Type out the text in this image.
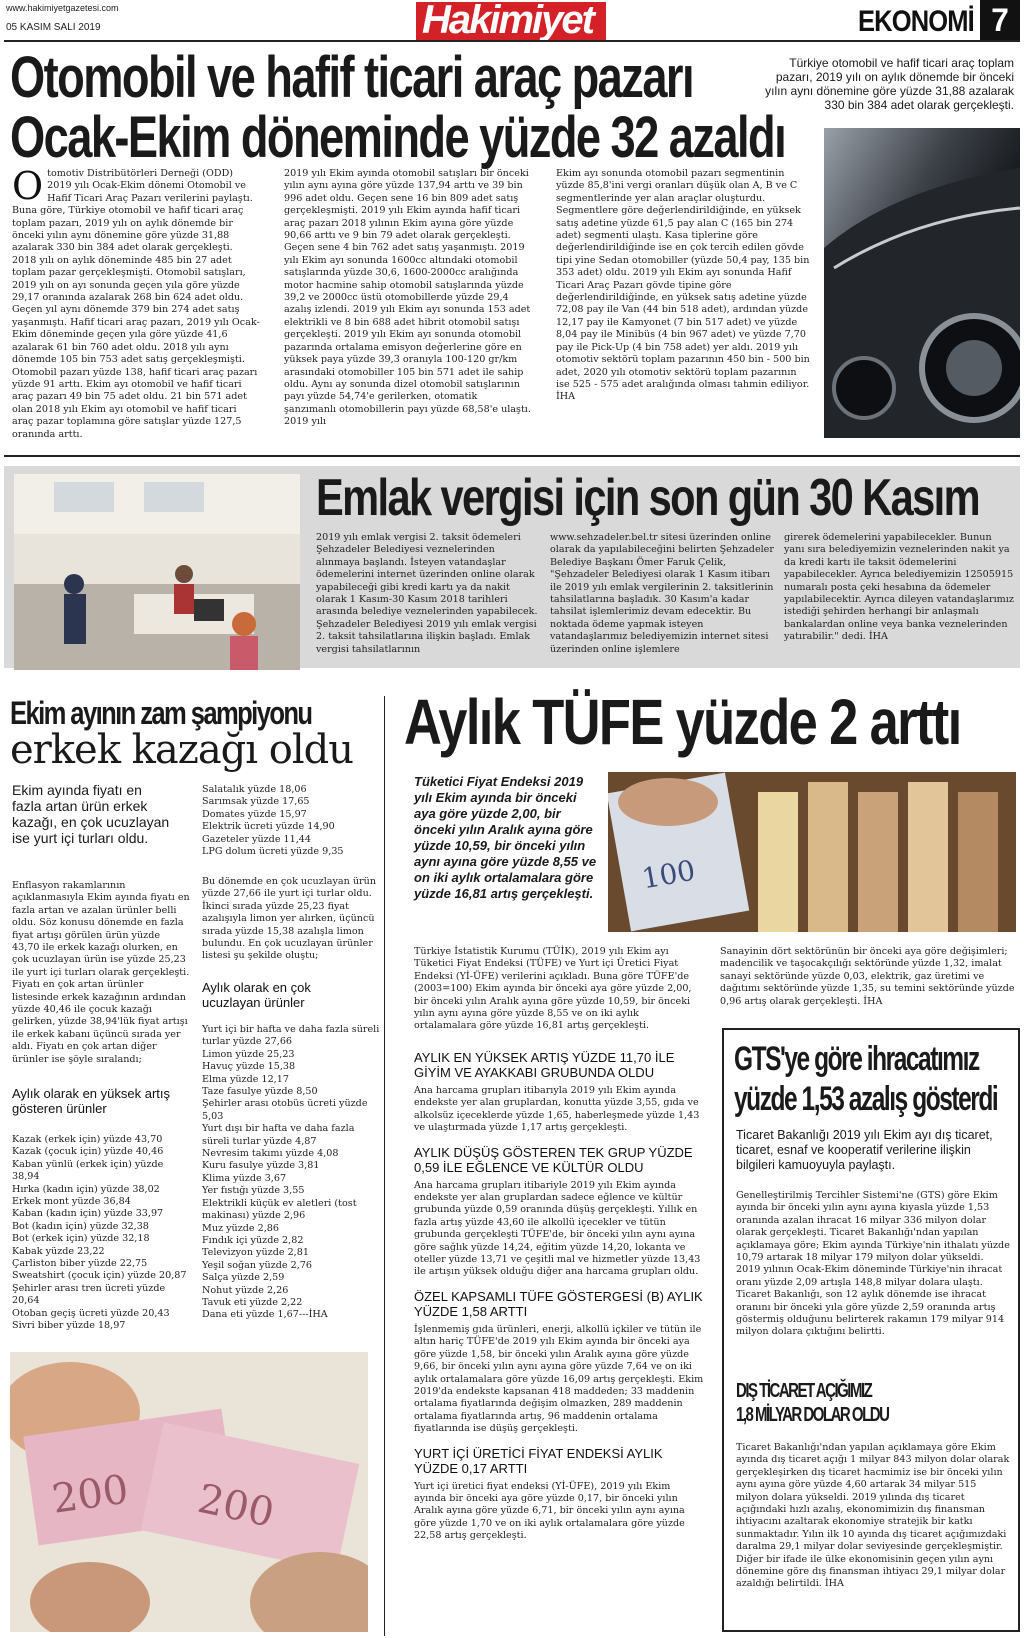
www.hakimiyetgazetesi.com
05 KASIM SALI 2019	Hakimiyet	EKONOMİ 7
Otomobil ve hafif ticari araç pazarı
Ocak-Ekim döneminde yüzde 32 azaldı
Türkiye otomobil ve hafif ticari araç toplam pazarı, 2019 yılı on aylık dönemde bir önceki yılın aynı dönemine göre yüzde 31,88 azalarak 330 bin 384 adet olarak gerçekleşti.
Otomotiv Distribütörleri Derneği (ODD) 2019 yılı Ocak-Ekim dönemi Otomobil ve Hafif Ticari Araç Pazarı verilerini paylaştı. Buna göre, Türkiye otomobil ve hafif ticari araç toplam pazarı, 2019 yılı on aylık dönemde bir önceki yılın aynı dönemine göre yüzde 31,88 azalarak 330 bin 384 adet olarak gerçekleşti. 2018 yılı on aylık döneminde 485 bin 27 adet toplam pazar gerçekleşmişti. Otomobil satışları, 2019 yılı on ayı sonunda geçen yıla göre yüzde 29,17 oranında azalarak 268 bin 624 adet oldu. Geçen yıl aynı dönemde 379 bin 274 adet satış yaşanmıştı. Hafif ticari araç pazarı, 2019 yılı Ocak-Ekim döneminde geçen yıla göre yüzde 41,6 azalarak 61 bin 760 adet oldu. 2018 yılı aynı dönemde 105 bin 753 adet satış gerçekleşmişti. Otomobil pazarı yüzde 138, hafif ticari araç pazarı yüzde 91 arttı. Ekim ayı otomobil ve hafif ticari araç pazarı 49 bin 75 adet oldu. 21 bin 571 adet olan 2018 yılı Ekim ayı otomobil ve hafif ticari araç pazar toplamına göre satışlar yüzde 127,5 oranında arttı.
2019 yılı Ekim ayında otomobil satışları bir önceki yılın aynı ayına göre yüzde 137,94 arttı ve 39 bin 996 adet oldu. Geçen sene 16 bin 809 adet satış gerçekleşmişti. 2019 yılı Ekim ayında hafif ticari araç pazarı 2018 yılının Ekim ayına göre yüzde 90,66 arttı ve 9 bin 79 adet olarak gerçekleşti. Geçen sene 4 bin 762 adet satış yaşanmıştı. 2019 yılı Ekim ayı sonunda 1600cc altındaki otomobil satışlarında yüzde 30,6, 1600-2000cc aralığında motor hacmine sahip otomobil satışlarında yüzde 39,2 ve 2000cc üstü otomobillerde yüzde 29,4 azalış izlendi. 2019 yılı Ekim ayı sonunda 153 adet elektrikli ve 8 bin 688 adet hibrit otomobil satışı gerçekleşti. 2019 yılı Ekim ayı sonunda otomobil pazarında ortalama emisyon değerlerine göre en yüksek paya yüzde 39,3 oranıyla 100-120 gr/km arasındaki otomobiller 105 bin 571 adet ile sahip oldu. Aynı ay sonunda dizel otomobil satışlarının payı yüzde 54,74'e gerilerken, otomatik şanzımanlı otomobillerin payı yüzde 68,58'e ulaştı. 2019 yılı
Ekim ayı sonunda otomobil pazarı segmentinin yüzde 85,8'ini vergi oranları düşük olan A, B ve C segmentlerinde yer alan araçlar oluşturdu. Segmentlere göre değerlendirildiğinde, en yüksek satış adetine yüzde 61,5 pay alan C (165 bin 274 adet) segmenti ulaştı. Kasa tiplerine göre değerlendirildiğinde ise en çok tercih edilen gövde tipi yine Sedan otomobiller (yüzde 50,4 pay, 135 bin 353 adet) oldu. 2019 yılı Ekim ayı sonunda Hafif Ticari Araç Pazarı gövde tipine göre değerlendirildiğinde, en yüksek satış adetine yüzde 72,08 pay ile Van (44 bin 518 adet), ardından yüzde 12,17 pay ile Kamyonet (7 bin 517 adet) ve yüzde 8,04 pay ile Minibüs (4 bin 967 adet) ve yüzde 7,70 pay ile Pick-Up (4 bin 758 adet) yer aldı. 2019 yılı otomotiv sektörü toplam pazarının 450 bin - 500 bin adet, 2020 yılı otomotiv sektörü toplam pazarının ise 525 - 575 adet aralığında olması tahmin ediliyor. İHA
Emlak vergisi için son gün 30 Kasım
2019 yılı emlak vergisi 2. taksit ödemeleri Şehzadeler Belediyesi veznelerinden alınmaya başlandı. İsteyen vatandaşlar ödemelerini internet üzerinden online olarak yapabileceği gibi kredi kartı ya da nakit olarak 1 Kasım-30 Kasım 2018 tarihleri arasında belediye veznelerinden yapabilecek. Şehzadeler Belediyesi 2019 yılı emlak vergisi 2. taksit tahsilatlarına ilişkin başladı. Emlak vergisi tahsilatlarının
www.sehzadeler.bel.tr sitesi üzerinden online olarak da yapılabileceğini belirten Şehzadeler Belediye Başkanı Ömer Faruk Çelik, "Şehzadeler Belediyesi olarak 1 Kasım itibarı ile 2019 yılı emlak vergilerinin 2. taksitlerinin tahsilatlarına başladık. 30 Kasım'a kadar tahsilat işlemlerimiz devam edecektir. Bu noktada ödeme yapmak isteyen vatandaşlarımız belediyemizin internet sitesi üzerinden online işlemlere
girerek ödemelerini yapabilecekler. Bunun yanı sıra belediyemizin veznelerinden nakit ya da kredi kartı ile taksit ödemelerini yapabilecekler. Ayrıca belediyemizin 12505915 numaralı posta çeki hesabına da ödemeler yapılabilecektir. Ayrıca dileyen vatandaşlarımız istediği şehirden herhangi bir anlaşmalı bankalardan online veya banka veznelerinden yatırabilir." dedi. İHA
Ekim ayının zam şampiyonu
erkek kazağı oldu
Ekim ayında fiyatı en fazla artan ürün erkek kazağı, en çok ucuzlayan ise yurt içi turları oldu.
Enflasyon rakamlarının açıklanmasıyla Ekim ayında fiyatı en fazla artan ve azalan ürünler belli oldu. Söz konusu dönemde en fazla fiyat artışı görülen ürün yüzde 43,70 ile erkek kazağı olurken, en çok ucuzlayan ürün ise yüzde 25,23 ile yurt içi turları olarak gerçekleşti. Fiyatı en çok artan ürünler listesinde erkek kazağının ardından yüzde 40,46 ile çocuk kazağı gelirken, yüzde 38,94'lük fiyat artışı ile erkek kabanı üçüncü sırada yer aldı. Fiyatı en çok artan diğer ürünler ise şöyle sıralandı;
Aylık olarak en yüksek artış gösteren ürünler
Kazak (erkek için) yüzde 43,70
Kazak (çocuk için) yüzde 40,46
Kaban yünlü (erkek için) yüzde 38,94
Hırka (kadın için) yüzde 38,02
Erkek mont yüzde 36,84
Kaban (kadın için) yüzde 33,97
Bot (kadın için) yüzde 32,38
Bot (erkek için) yüzde 32,18
Kabak yüzde 23,22
Çarliston biber yüzde 22,75
Sweatshirt (çocuk için) yüzde 20,87
Şehirler arası tren ücreti yüzde 20,64
Otoban geçiş ücreti yüzde 20,43
Sivri biber yüzde 18,97
Salatalık yüzde 18,06
Sarımsak yüzde 17,65
Domates yüzde 15,97
Elektrik ücreti yüzde 14,90
Gazeteler yüzde 11,44
LPG dolum ücreti yüzde 9,35
Bu dönemde en çok ucuzlayan ürün yüzde 27,66 ile yurt içi turlar oldu. İkinci sırada yüzde 25,23 fiyat azalışıyla limon yer alırken, üçüncü sırada yüzde 15,38 azalışla limon bulundu. En çok ucuzlayan ürünler listesi şu şekilde oluştu;
Aylık olarak en çok ucuzlayan ürünler
Yurt içi bir hafta ve daha fazla süreli turlar yüzde 27,66
Limon yüzde 25,23
Havuç yüzde 15,38
Elma yüzde 12,17
Taze fasulye yüzde 8,50
Şehirler arası otobüs ücreti yüzde 5,03
Yurt dışı bir hafta ve daha fazla süreli turlar yüzde 4,87
Nevresim takımı yüzde 4,08
Kuru fasulye yüzde 3,81
Klima yüzde 3,67
Yer fıstığı yüzde 3,55
Elektrikli küçük ev aletleri (tost makinası) yüzde 2,96
Muz yüzde 2,86
Fındık içi yüzde 2,82
Televizyon yüzde 2,81
Yeşil soğan yüzde 2,76
Salça yüzde 2,59
Nohut yüzde 2,26
Tavuk eti yüzde 2,22
Dana eti yüzde 1,67---İHA
200 200
Aylık TÜFE yüzde 2 arttı
Tüketici Fiyat Endeksi 2019 yılı Ekim ayında bir önceki aya göre yüzde 2,00, bir önceki yılın Aralık ayına göre yüzde 10,59, bir önceki yılın aynı ayına göre yüzde 8,55 ve on iki aylık ortalamalara göre yüzde 16,81 artış gerçekleşti. 100
Türkiye İstatistik Kurumu (TÜİK), 2019 yılı Ekim ayı Tüketici Fiyat Endeksi (TÜFE) ve Yurt içi Üretici Fiyat Endeksi (Yİ-ÜFE) verilerini açıkladı. Buna göre TÜFE'de (2003=100) Ekim ayında bir önceki aya göre yüzde 2,00, bir önceki yılın Aralık ayına göre yüzde 10,59, bir önceki yılın aynı ayına göre yüzde 8,55 ve on iki aylık ortalamalara göre yüzde 16,81 artış gerçekleşti.
Sanayinin dört sektörünün bir önceki aya göre değişimleri; madencilik ve taşocakçılığı sektöründe yüzde 1,32, imalat sanayi sektöründe yüzde 0,03, elektrik, gaz üretimi ve dağıtımı sektöründe yüzde 1,35, su temini sektöründe yüzde 0,96 artış olarak gerçekleşti. İHA
AYLIK EN YÜKSEK ARTIŞ YÜZDE 11,70 İLE GİYİM VE AYAKKABI GRUBUNDA OLDU
Ana harcama grupları itibarıyla 2019 yılı Ekim ayında endekste yer alan gruplardan, konutta yüzde 3,55, gıda ve alkolsüz içeceklerde yüzde 1,65, haberleşmede yüzde 1,43 ve ulaştırmada yüzde 1,17 artış gerçekleşti.
AYLIK DÜŞÜŞ GÖSTEREN TEK GRUP YÜZDE 0,59 İLE EĞLENCE VE KÜLTÜR OLDU
Ana harcama grupları itibariyle 2019 yılı Ekim ayında endekste yer alan gruplardan sadece eğlence ve kültür grubunda yüzde 0,59 oranında düşüş gerçekleşti. Yıllık en fazla artış yüzde 43,60 ile alkollü içecekler ve tütün grubunda gerçekleşti TÜFE'de, bir önceki yılın aynı ayına göre sağlık yüzde 14,24, eğitim yüzde 14,20, lokanta ve oteller yüzde 13,71 ve çeşitli mal ve hizmetler yüzde 13,43 ile artışın yüksek olduğu diğer ana harcama grupları oldu.
ÖZEL KAPSAMLI TÜFE GÖSTERGESİ (B) AYLIK YÜZDE 1,58 ARTTI
İşlenmemiş gıda ürünleri, enerji, alkollü içkiler ve tütün ile altın hariç TÜFE'de 2019 yılı Ekim ayında bir önceki aya göre yüzde 1,58, bir önceki yılın Aralık ayına göre yüzde 9,66, bir önceki yılın aynı ayına göre yüzde 7,64 ve on iki aylık ortalamalara göre yüzde 16,09 artış gerçekleşti. Ekim 2019'da endekste kapsanan 418 maddeden; 33 maddenin ortalama fiyatlarında değişim olmazken, 289 maddenin ortalama fiyatlarında artış, 96 maddenin ortalama fiyatlarında ise düşüş gerçekleşti.
YURT İÇİ ÜRETİCİ FİYAT ENDEKSİ AYLIK YÜZDE 0,17 ARTTI
Yurt içi üretici fiyat endeksi (Yİ-ÜFE), 2019 yılı Ekim ayında bir önceki aya göre yüzde 0,17, bir önceki yılın Aralık ayına göre yüzde 6,71, bir önceki yılın aynı ayına göre yüzde 1,70 ve on iki aylık ortalamalara göre yüzde 22,58 artış gerçekleşti.
GTS'ye göre ihracatımız
yüzde 1,53 azalış gösterdi
Ticaret Bakanlığı 2019 yılı Ekim ayı dış ticaret, ticaret, esnaf ve kooperatif verilerine ilişkin bilgileri kamuoyuyla paylaştı.
Genelleştirilmiş Tercihler Sistemi'ne (GTS) göre Ekim ayında bir önceki yılın aynı ayına kıyasla yüzde 1,53 oranında azalan ihracat 16 milyar 336 milyon dolar olarak gerçekleşti. Ticaret Bakanlığı'ndan yapılan açıklamaya göre; Ekim ayında Türkiye'nin ithalatı yüzde 10,79 artarak 18 milyar 179 milyon dolar yükseldi. 2019 yılının Ocak-Ekim döneminde Türkiye'nin ihracat oranı yüzde 2,09 artışla 148,8 milyar dolara ulaştı. Ticaret Bakanlığı, son 12 aylık dönemde ise ihracat oranını bir önceki yıla göre yüzde 2,59 oranında artış göstermiş olduğunu belirterek rakamın 179 milyar 914 milyon dolara çıktığını belirtti.
DIŞ TİCARET AÇIĞIMIZ
1,8 MİLYAR DOLAR OLDU
Ticaret Bakanlığı'ndan yapılan açıklamaya göre Ekim ayında dış ticaret açığı 1 milyar 843 milyon dolar olarak gerçekleşirken dış ticaret hacmimiz ise bir önceki yılın aynı ayına göre yüzde 4,60 artarak 34 milyar 515 milyon dolara yükseldi. 2019 yılında dış ticaret açığındaki hızlı azalış, ekonomimizin dış finansman ihtiyacını azaltarak ekonomiye stratejik bir katkı sunmaktadır. Yılın ilk 10 ayında dış ticaret açığımızdaki daralma 29,1 milyar dolar seviyesinde gerçekleşmiştir. Diğer bir ifade ile ülke ekonomisinin geçen yılın aynı dönemine göre dış finansman ihtiyacı 29,1 milyar dolar azaldığı belirtildi. İHA
